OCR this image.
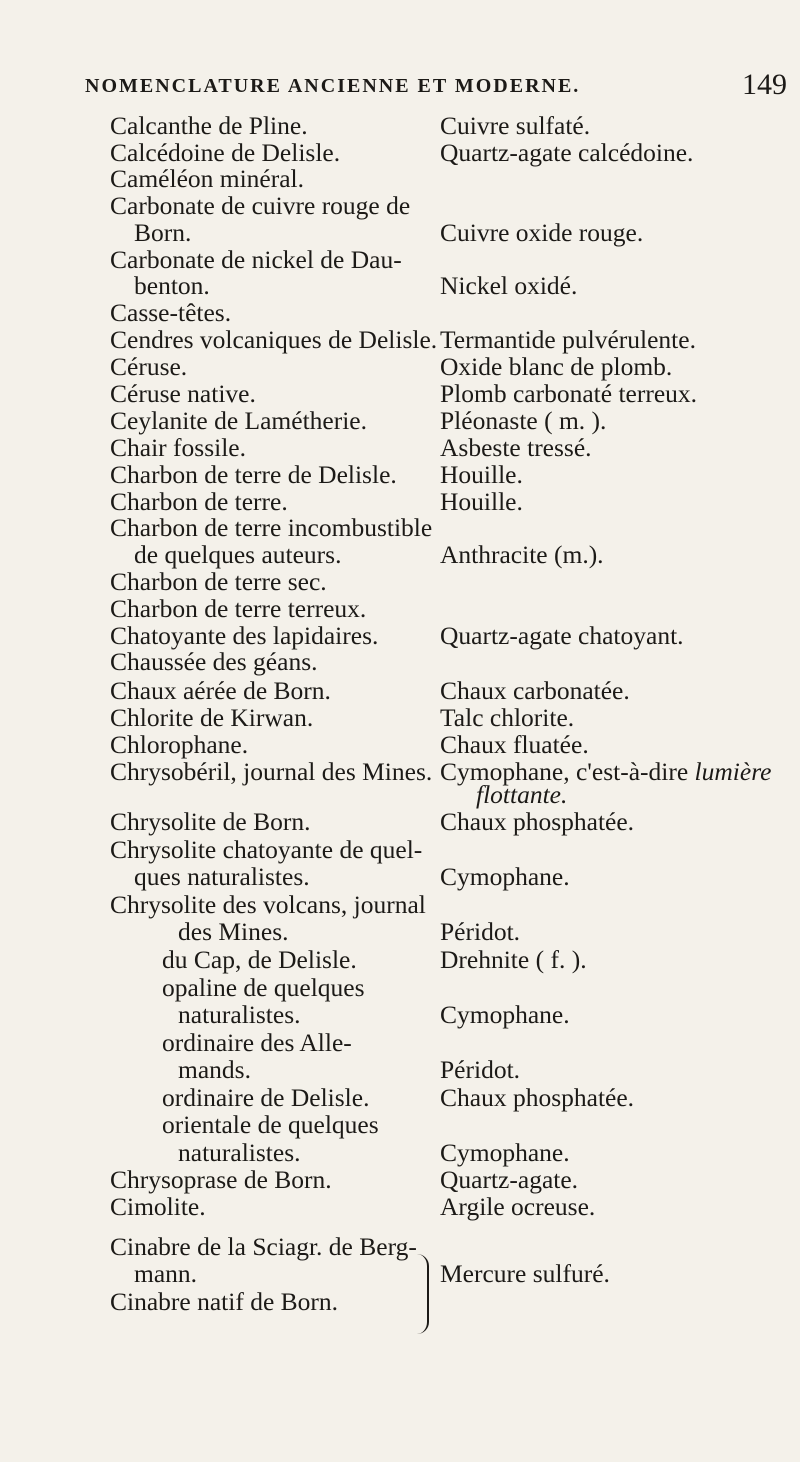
NOMENCLATURE ANCIENNE ET MODERNE.	149

Calcanthe de Pline.

Calcédoine de Delisle.

Caméléon minéral.

Carbonate de cuivre rouge de

Born.

Carbonate de nickel de Dau-

benton.

Casse-têtes.

Cendres volcaniques de Delisle.

Céruse.

Céruse native.

Ceylanite de Lamétherie.

Chair fossile.

Charbon de terre de Delisle.

Charbon de terre.

Charbon de terre incombustible

de quelques auteurs.

Charbon de terre sec.

Charbon de terre terreux.

Chatoyante des lapidaires.

Chaussée des géans.

Chaux aérée de Born.

Chlorite de Kirwan.

Chlorophane.

Chrysobéril, journal des Mines.

Chrysolite de Born.

Chrysolite chatoyante de quel-

ques naturalistes.

Chrysolite des volcans, journal

des Mines.

du Cap, de Delisle.

opaline de quelques

naturalistes.

ordinaire des Alle-

mands.

ordinaire de Delisle.

orientale de quelques

naturalistes.

Chrysoprase de Born.

Cimolite.

Cinabre de la Sciagr. de Berg-

mann.

Cinabre natif de Born.

Cuivre sulfaté.

Quartz-agate calcédoine.

Cuivre oxide rouge.

Nickel oxidé.

Termantide pulvérulente.

Oxide blanc de plomb.

Plomb carbonaté terreux.

Pléonaste ( m. ).

Asbeste tressé.

Houille.

Houille.

Anthracite (m.).

Quartz-agate chatoyant.

Chaux carbonatée.

Talc chlorite.

Chaux fluatée.

Cymophane, c'est-à-dire lumière

flottante.

Chaux phosphatée.

Cymophane.

Péridot.

Drehnite ( f. ).

Cymophane.

Péridot.

Chaux phosphatée.

Cymophane.

Quartz-agate.

Argile ocreuse.

Mercure sulfuré.
